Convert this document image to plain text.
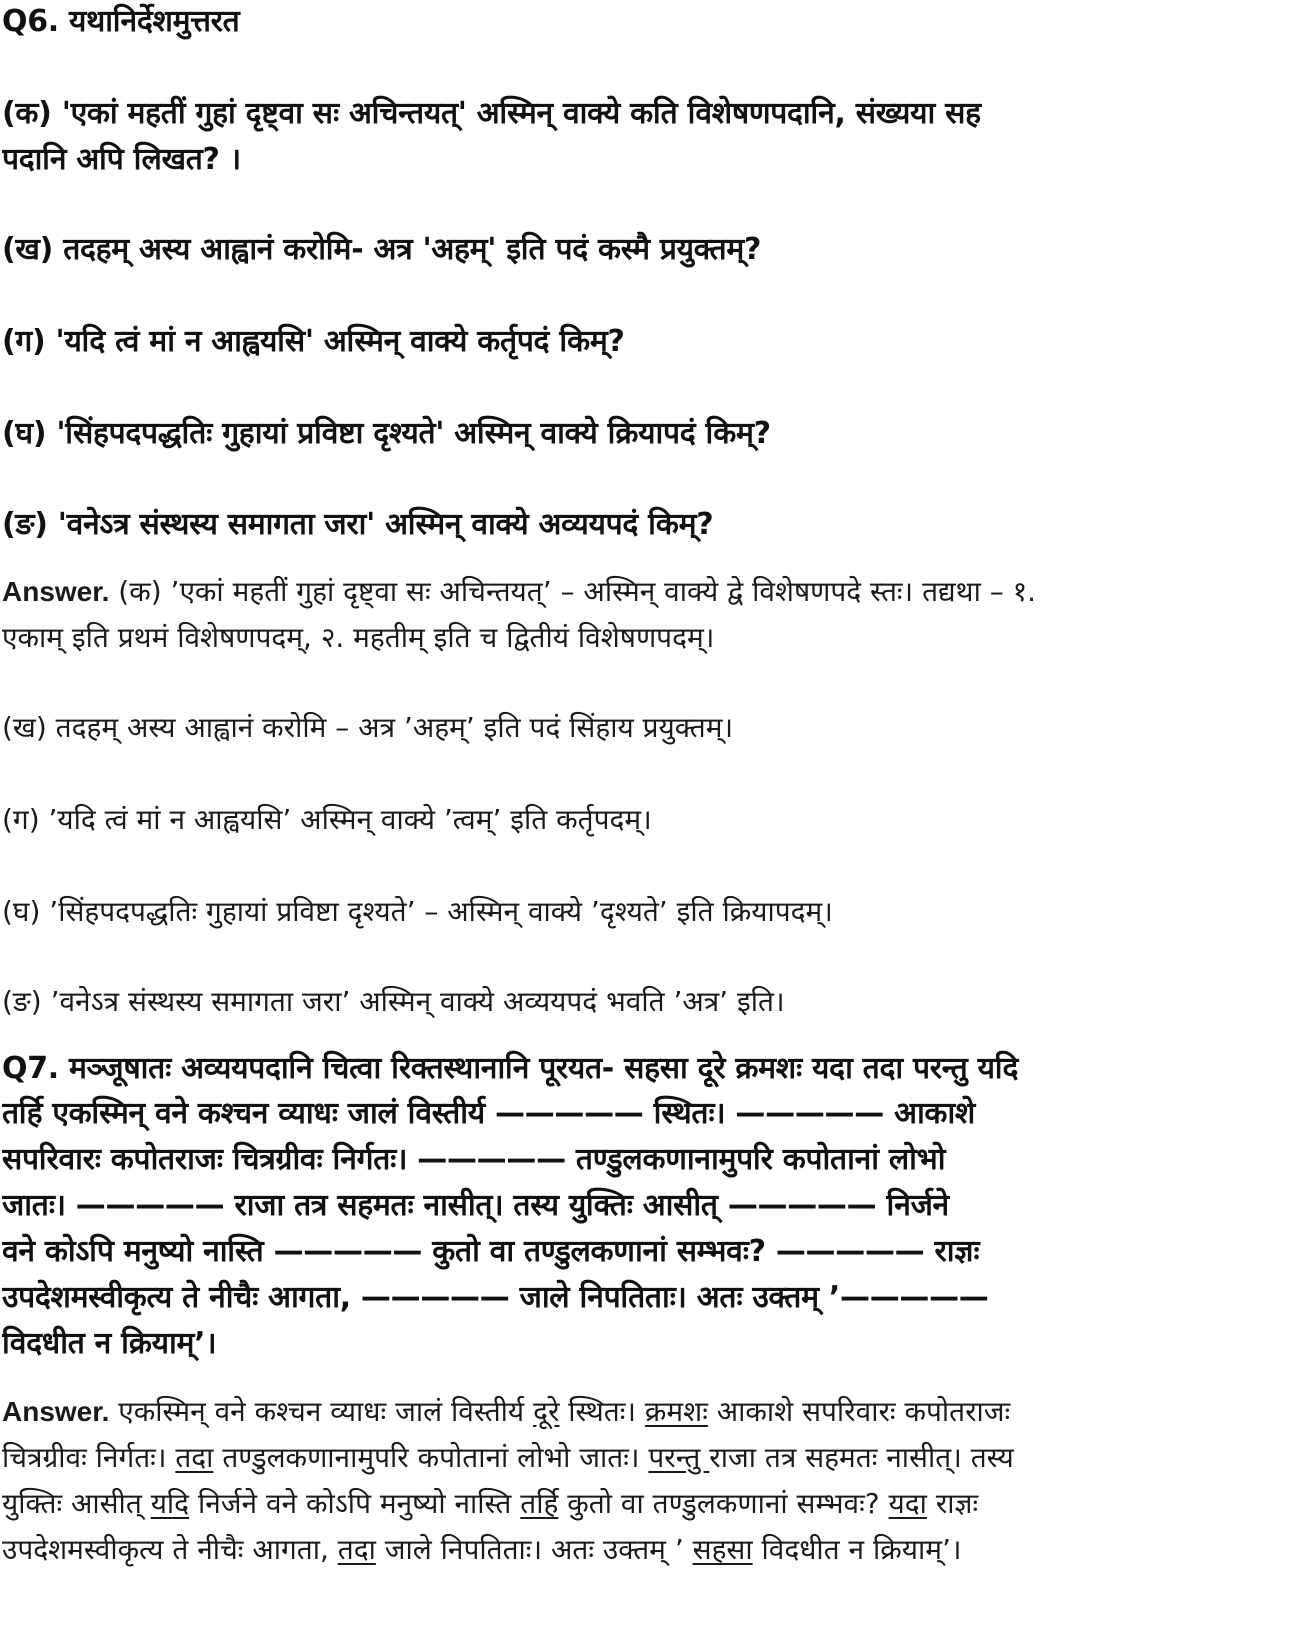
Q6. यथानिर्देशमुत्तरत
(क) 'एकां महतीं गुहां दृष्ट्वा सः अचिन्तयत्' अस्मिन् वाक्ये कति विशेषणपदानि, संख्यया सह
पदानि अपि लिखत? ।
(ख) तदहम् अस्य आह्वानं करोमि- अत्र 'अहम्' इति पदं कस्मै प्रयुक्तम्?
(ग) 'यदि त्वं मां न आह्वयसि' अस्मिन् वाक्ये कर्तृपदं किम्?
(घ) 'सिंहपदपद्धतिः गुहायां प्रविष्टा दृश्यते' अस्मिन् वाक्ये क्रियापदं किम्?
(ङ) 'वनेऽत्र संस्थस्य समागता जरा' अस्मिन् वाक्ये अव्ययपदं किम्?
Answer. (क) ’एकां महतीं गुहां दृष्ट्वा सः अचिन्तयत्’ – अस्मिन् वाक्ये द्वे विशेषणपदे स्तः। तद्यथा – १.
एकाम् इति प्रथमं विशेषणपदम्, २. महतीम् इति च द्वितीयं विशेषणपदम्।
(ख) तदहम् अस्य आह्वानं करोमि – अत्र ’अहम्’ इति पदं सिंहाय प्रयुक्तम्।
(ग) ’यदि त्वं मां न आह्वयसि’ अस्मिन् वाक्ये ’त्वम्’ इति कर्तृपदम्।
(घ) ’सिंहपदपद्धतिः गुहायां प्रविष्टा दृश्यते’ – अस्मिन् वाक्ये ’दृश्यते’ इति क्रियापदम्।
(ङ) ’वनेऽत्र संस्थस्य समागता जरा’ अस्मिन् वाक्ये अव्ययपदं भवति ’अत्र’ इति।
Q7. मञ्जूषातः अव्ययपदानि चित्वा रिक्तस्थानानि पूरयत- सहसा दूरे क्रमशः यदा तदा परन्तु यदि
तर्हि एकस्मिन् वने कश्चन व्याधः जालं विस्तीर्य ————— स्थितः। ————— आकाशे
सपरिवारः कपोतराजः चित्रग्रीवः निर्गतः। ————— तण्डुलकणानामुपरि कपोतानां लोभो
जातः। ————— राजा तत्र सहमतः नासीत्। तस्य युक्तिः आसीत् ————— निर्जने
वने कोऽपि मनुष्यो नास्ति ————— कुतो वा तण्डुलकणानां सम्भवः? ————— राज्ञः
उपदेशमस्वीकृत्य ते नीचैः आगता, ————— जाले निपतिताः। अतः उक्तम् ’—————
विदधीत न क्रियाम्’।
Answer. एकस्मिन् वने कश्चन व्याधः जालं विस्तीर्य दूरे स्थितः। क्रमशः आकाशे सपरिवारः कपोतराजः
चित्रग्रीवः निर्गतः। तदा तण्डुलकणानामुपरि कपोतानां लोभो जातः। परन्तु राजा तत्र सहमतः नासीत्। तस्य
युक्तिः आसीत् यदि निर्जने वने कोऽपि मनुष्यो नास्ति तर्हि कुतो वा तण्डुलकणानां सम्भवः? यदा राज्ञः
उपदेशमस्वीकृत्य ते नीचैः आगता, तदा जाले निपतिताः। अतः उक्तम् ’ सहसा विदधीत न क्रियाम्’।
